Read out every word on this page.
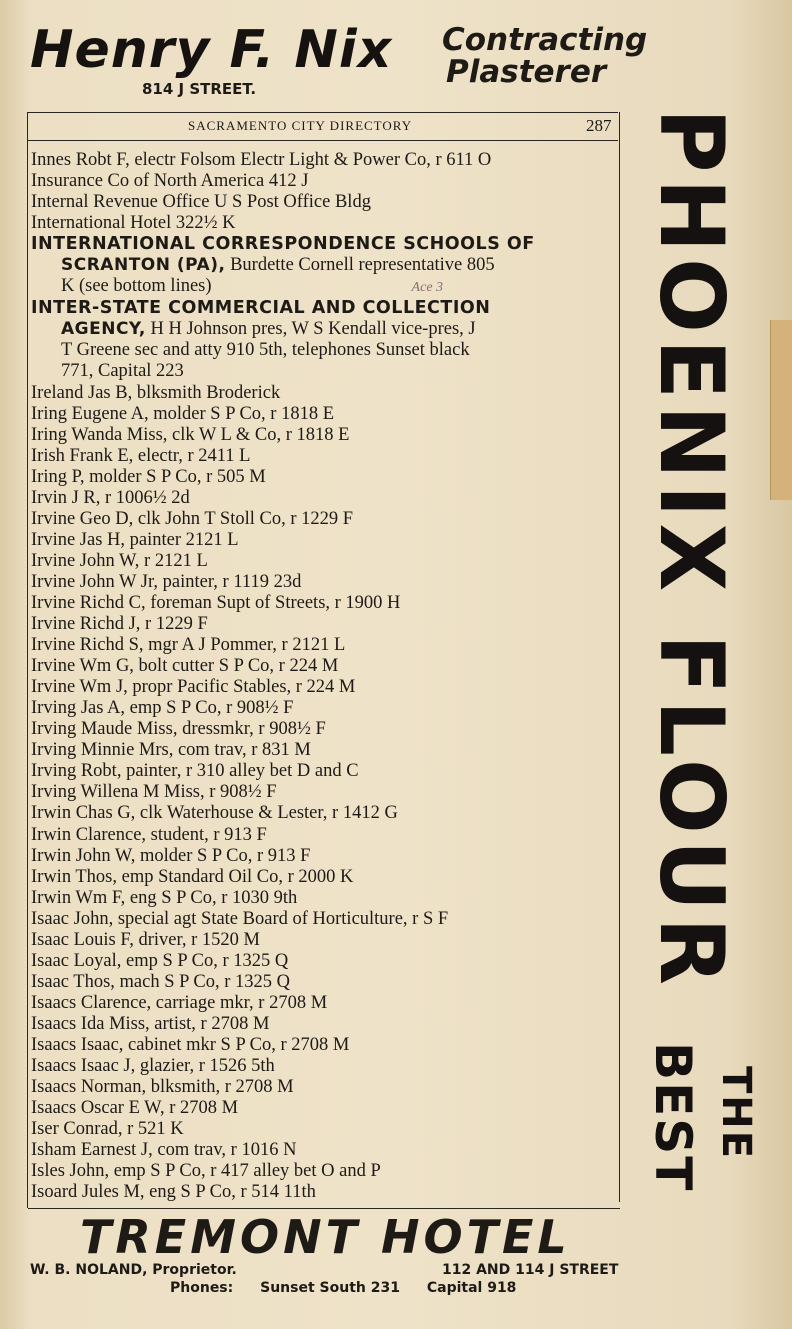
Henry F. Nix
814 J STREET.
Contracting
Plasterer
SACRAMENTO CITY DIRECTORY	287
Innes Robt F, electr Folsom Electr Light & Power Co, r 611 O
Insurance Co of North America 412 J
Internal Revenue Office U S Post Office Bldg
International Hotel 322½ K
INTERNATIONAL CORRESPONDENCE SCHOOLS OF
SCRANTON (PA), Burdette Cornell representative 805
K (see bottom lines)	Ace 3
INTER-STATE COMMERCIAL AND COLLECTION
AGENCY, H H Johnson pres, W S Kendall vice-pres, J
T Greene sec and atty 910 5th, telephones Sunset black
771, Capital 223
Ireland Jas B, blksmith Broderick
Iring Eugene A, molder S P Co, r 1818 E
Iring Wanda Miss, clk W L & Co, r 1818 E
Irish Frank E, electr, r 2411 L
Iring P, molder S P Co, r 505 M
Irvin J R, r 1006½ 2d
Irvine Geo D, clk John T Stoll Co, r 1229 F
Irvine Jas H, painter 2121 L
Irvine John W, r 2121 L
Irvine John W Jr, painter, r 1119 23d
Irvine Richd C, foreman Supt of Streets, r 1900 H
Irvine Richd J, r 1229 F
Irvine Richd S, mgr A J Pommer, r 2121 L
Irvine Wm G, bolt cutter S P Co, r 224 M
Irvine Wm J, propr Pacific Stables, r 224 M
Irving Jas A, emp S P Co, r 908½ F
Irving Maude Miss, dressmkr, r 908½ F
Irving Minnie Mrs, com trav, r 831 M
Irving Robt, painter, r 310 alley bet D and C
Irving Willena M Miss, r 908½ F
Irwin Chas G, clk Waterhouse & Lester, r 1412 G
Irwin Clarence, student, r 913 F
Irwin John W, molder S P Co, r 913 F
Irwin Thos, emp Standard Oil Co, r 2000 K
Irwin Wm F, eng S P Co, r 1030 9th
Isaac John, special agt State Board of Horticulture, r S F
Isaac Louis F, driver, r 1520 M
Isaac Loyal, emp S P Co, r 1325 Q
Isaac Thos, mach S P Co, r 1325 Q
Isaacs Clarence, carriage mkr, r 2708 M
Isaacs Ida Miss, artist, r 2708 M
Isaacs Isaac, cabinet mkr S P Co, r 2708 M
Isaacs Isaac J, glazier, r 1526 5th
Isaacs Norman, blksmith, r 2708 M
Isaacs Oscar E W, r 2708 M
Iser Conrad, r 521 K
Isham Earnest J, com trav, r 1016 N
Isles John, emp S P Co, r 417 alley bet O and P
Isoard Jules M, eng S P Co, r 514 11th
PHOENIX FLOUR
BEST THE
TREMONT HOTEL
W. B. NOLAND, Proprietor.	112 AND 114 J STREET
Phones: Sunset South 231 Capital 918
